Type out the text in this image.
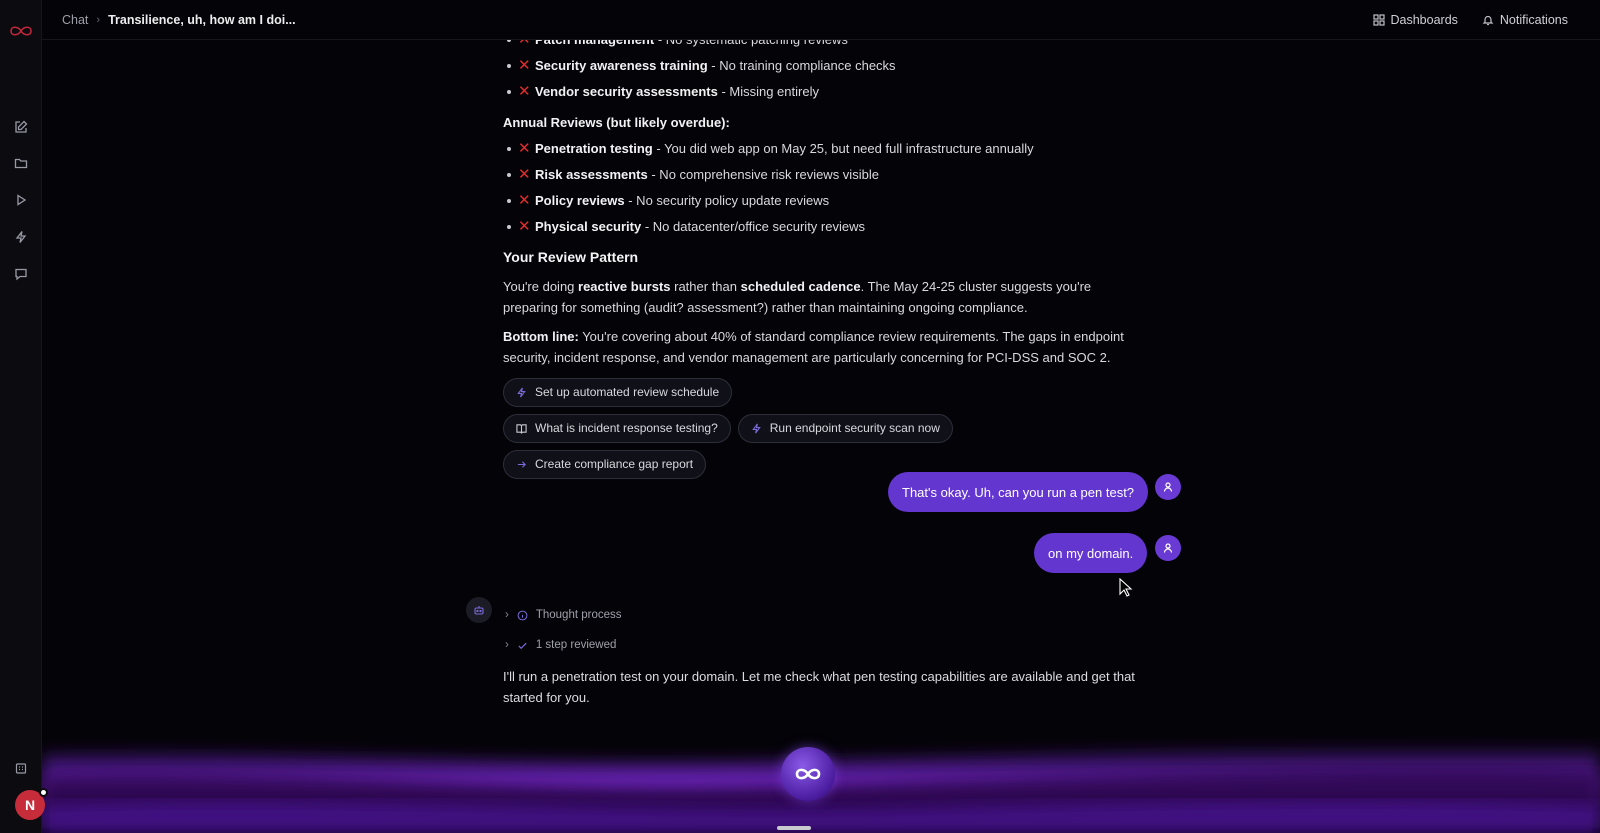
N
Chat › Transilience, uh, how am I doi...	Dashboards	Notifications
✕ Security awareness training - No training compliance checks
✕ Vendor security assessments - Missing entirely
Annual Reviews (but likely overdue):
✕ Penetration testing - You did web app on May 25, but need full infrastructure annually
✕ Risk assessments - No comprehensive risk reviews visible
✕ Policy reviews - No security policy update reviews
✕ Physical security - No datacenter/office security reviews
Your Review Pattern

You're doing reactive bursts rather than scheduled cadence. The May 24-25 cluster suggests you're preparing for something (audit? assessment?) rather than maintaining ongoing compliance.

Bottom line: You're covering about 40% of standard compliance review requirements. The gaps in endpoint security, incident response, and vendor management are particularly concerning for PCI-DSS and SOC 2.

Set up automated review schedule
What is incident response testing?	Run endpoint security scan now
Create compliance gap report
That's okay. Uh, can you run a pen test?
on my domain.
› Thought process
› 1 step reviewed
I'll run a penetration test on your domain. Let me check what pen testing capabilities are available and get that started for you.
